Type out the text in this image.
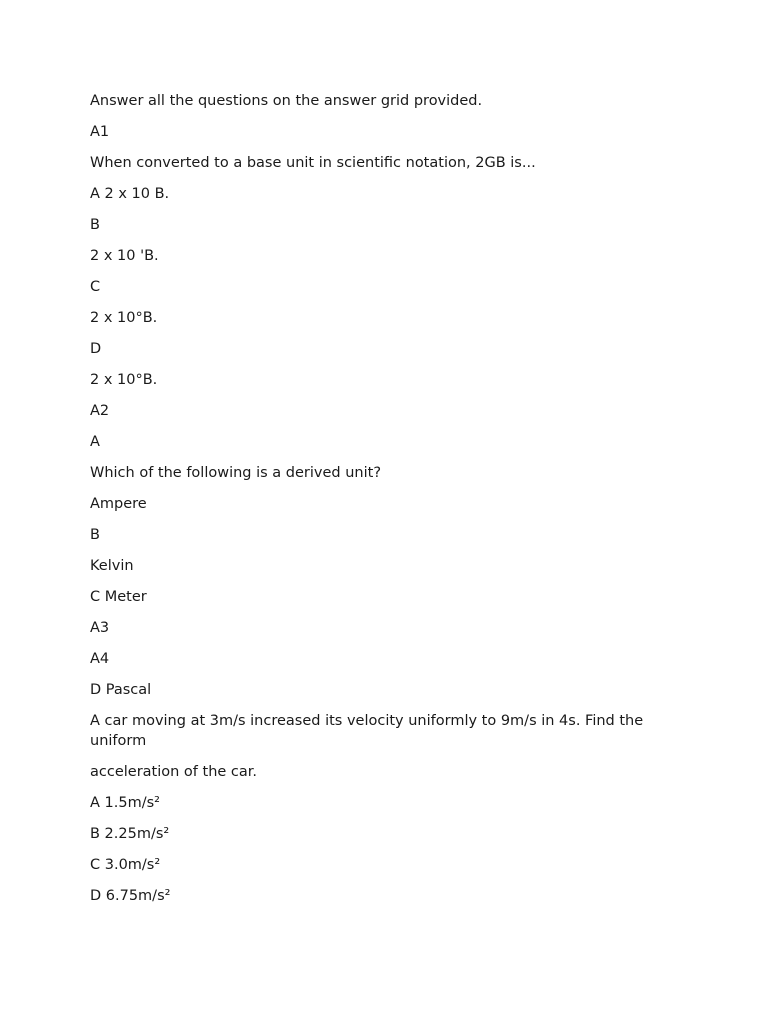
Answer all the questions on the answer grid provided.

A1

When converted to a base unit in scientific notation, 2GB is...

A 2 x 10 B.

B

2 x 10 'B.

C

2 x 10°B.

D

2 x 10°B.

A2

A

Which of the following is a derived unit?

Ampere

B

Kelvin

C Meter

A3

A4

D Pascal

A car moving at 3m/s increased its velocity uniformly to 9m/s in 4s. Find the uniform

acceleration of the car.

A 1.5m/s²

B 2.25m/s²

C 3.0m/s²

D 6.75m/s²
